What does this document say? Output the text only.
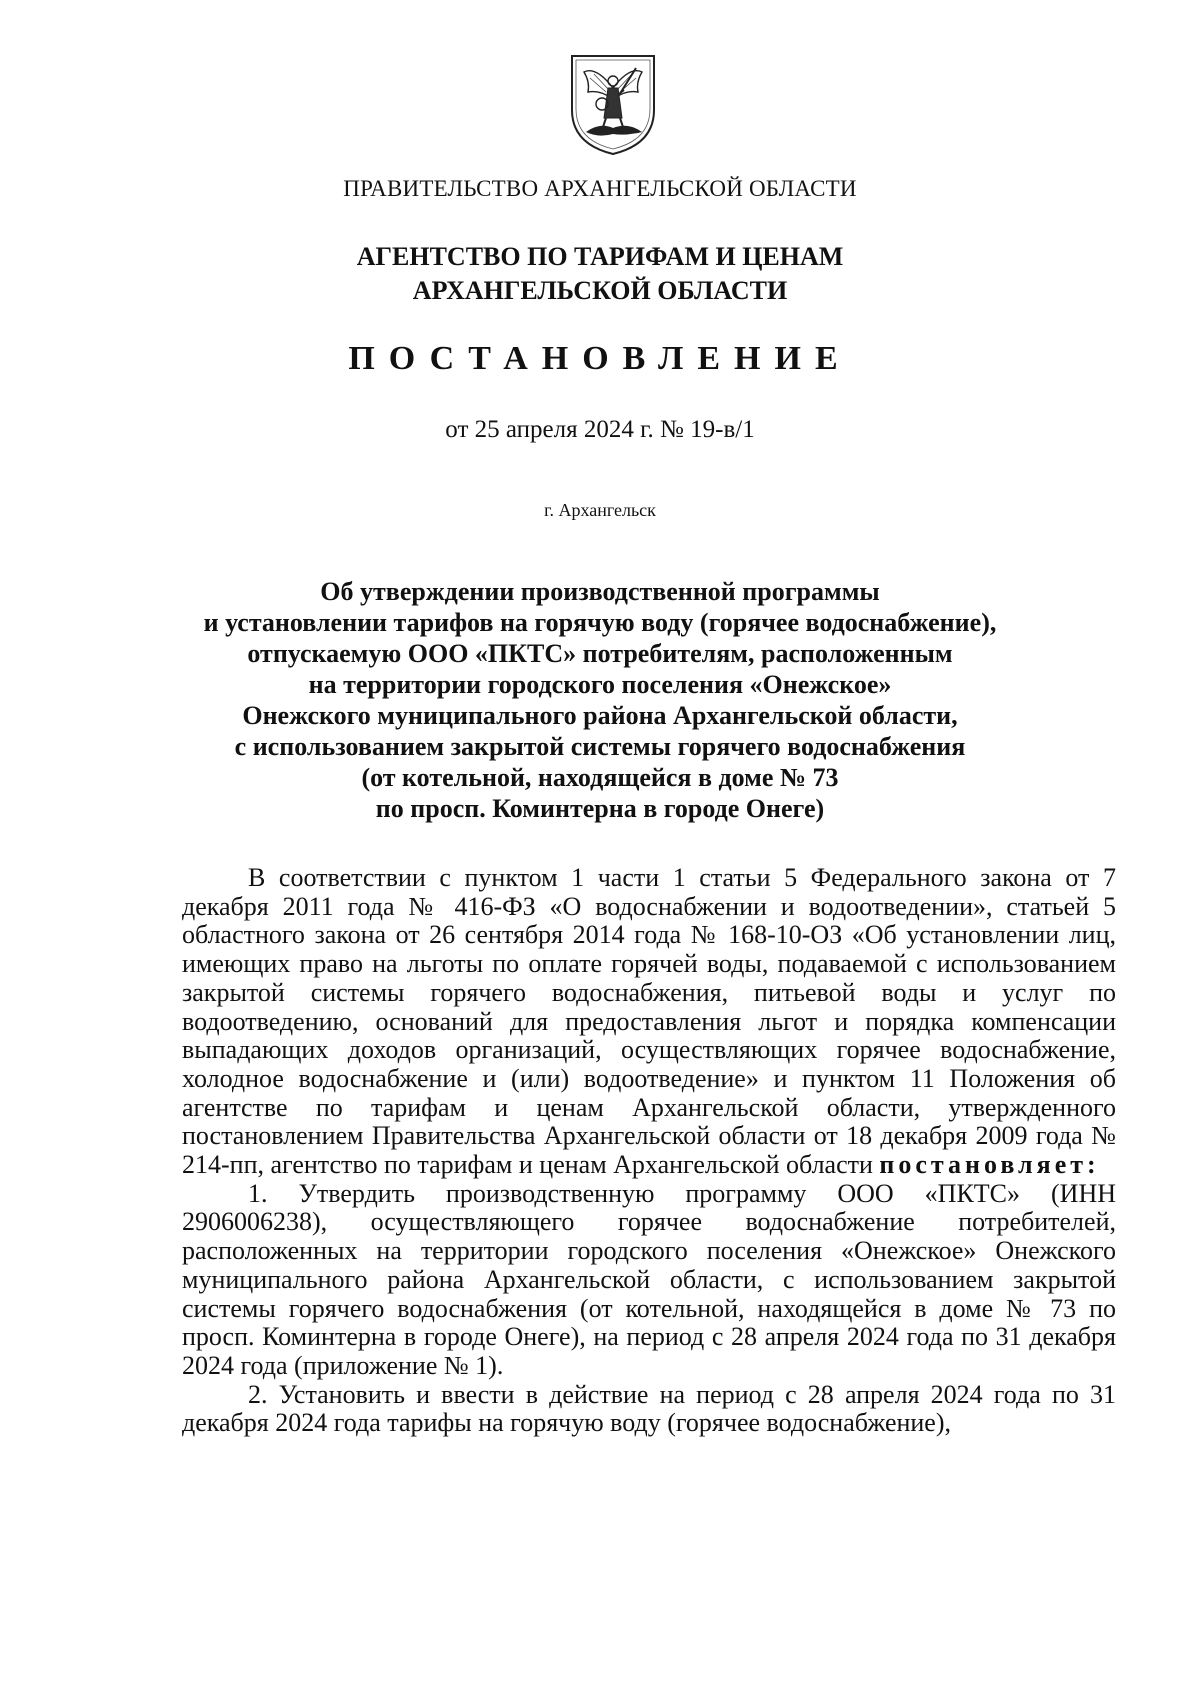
ПРАВИТЕЛЬСТВО АРХАНГЕЛЬСКОЙ ОБЛАСТИ
АГЕНТСТВО ПО ТАРИФАМ И ЦЕНАМ
АРХАНГЕЛЬСКОЙ ОБЛАСТИ
ПОСТАНОВЛЕНИЕ
от 25 апреля 2024 г. № 19-в/1
г. Архангельск
Об утверждении производственной программы
и установлении тарифов на горячую воду (горячее водоснабжение),
отпускаемую ООО «ПКТС» потребителям, расположенным
на территории городского поселения «Онежское»
Онежского муниципального района Архангельской области,
с использованием закрытой системы горячего водоснабжения
(от котельной, находящейся в доме № 73
по просп. Коминтерна в городе Онеге)

В соответствии с пунктом 1 части 1 статьи 5 Федерального закона от 7 декабря 2011 года № 416-ФЗ «О водоснабжении и водоотведении», статьей 5 областного закона от 26 сентября 2014 года № 168-10-ОЗ «Об установлении лиц, имеющих право на льготы по оплате горячей воды, подаваемой с использованием закрытой системы горячего водоснабжения, питьевой воды и услуг по водоотведению, оснований для предоставления льгот и порядка компенсации выпадающих доходов организаций, осуществляющих горячее водоснабжение, холодное водоснабжение и (или) водоотведение» и пунктом 11 Положения об агентстве по тарифам и ценам Архангельской области, утвержденного постановлением Правительства Архангельской области от 18 декабря 2009 года № 214-пп, агентство по тарифам и ценам Архангельской области постановляет:

1. Утвердить производственную программу ООО «ПКТС» (ИНН 2906006238), осуществляющего горячее водоснабжение потребителей, расположенных на территории городского поселения «Онежское» Онежского муниципального района Архангельской области, с использованием закрытой системы горячего водоснабжения (от котельной, находящейся в доме № 73 по просп. Коминтерна в городе Онеге), на период с 28 апреля 2024 года по 31 декабря 2024 года (приложение № 1).

2. Установить и ввести в действие на период с 28 апреля 2024 года по 31 декабря 2024 года тарифы на горячую воду (горячее водоснабжение),
